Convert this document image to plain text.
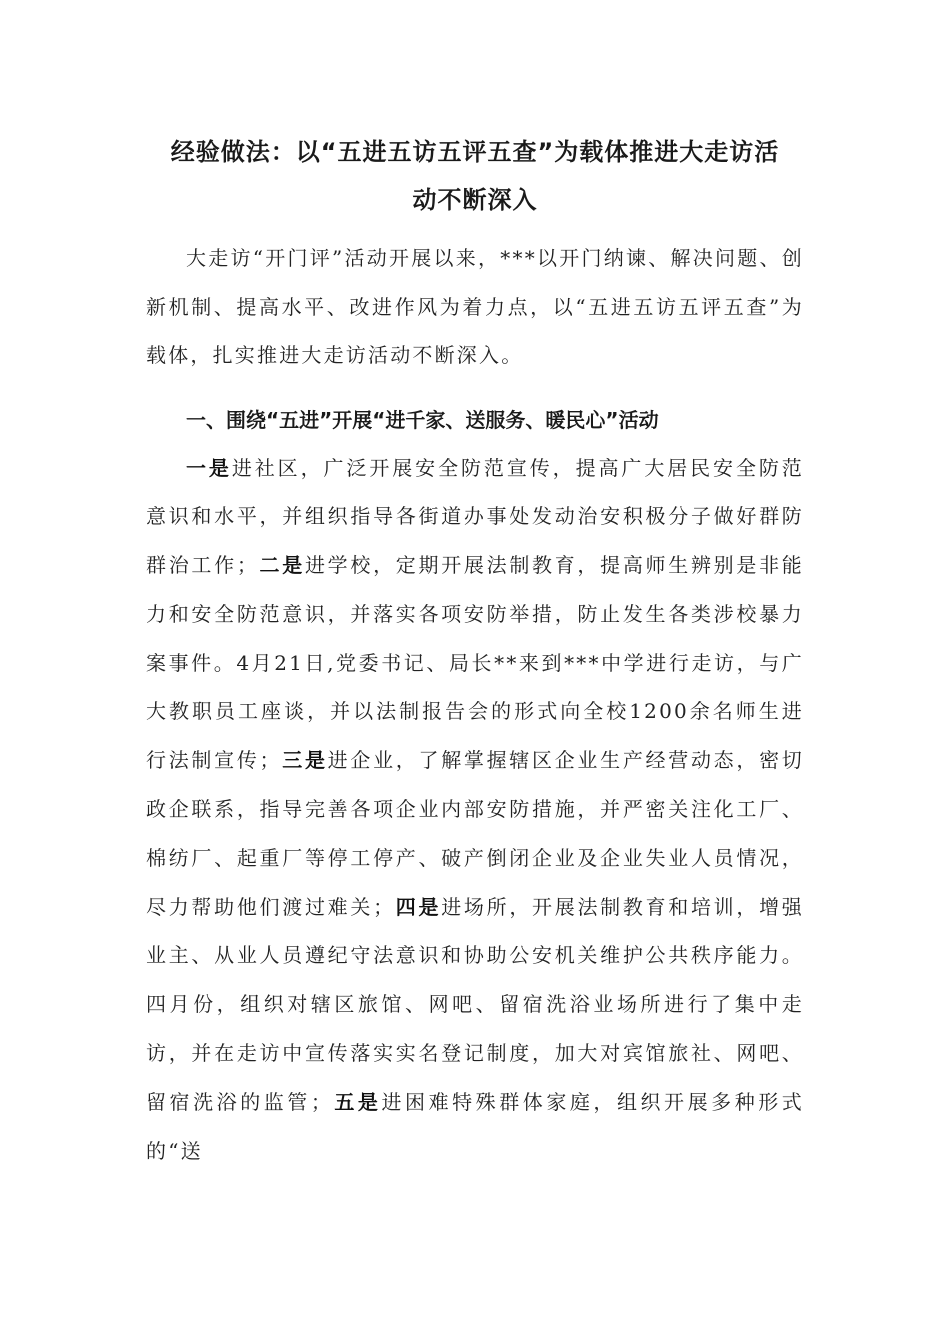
经验做法：以“五进五访五评五查”为载体推进大走访活
动不断深入

大走访“开门评”活动开展以来，***以开门纳谏、解决问题、创新机制、提高水平、改进作风为着力点，以“五进五访五评五查”为载体，扎实推进大走访活动不断深入。

一、围绕“五进”开展“进千家、送服务、暖民心”活动

一是进社区，广泛开展安全防范宣传，提高广大居民安全防范意识和水平，并组织指导各街道办事处发动治安积极分子做好群防群治工作；二是进学校，定期开展法制教育，提高师生辨别是非能力和安全防范意识，并落实各项安防举措，防止发生各类涉校暴力案事件。4月21日,党委书记、局长**来到***中学进行走访，与广大教职员工座谈，并以法制报告会的形式向全校1200余名师生进行法制宣传；三是进企业，了解掌握辖区企业生产经营动态，密切政企联系，指导完善各项企业内部安防措施，并严密关注化工厂、棉纺厂、起重厂等停工停产、破产倒闭企业及企业失业人员情况，尽力帮助他们渡过难关；四是进场所，开展法制教育和培训，增强业主、从业人员遵纪守法意识和协助公安机关维护公共秩序能力。四月份，组织对辖区旅馆、网吧、留宿洗浴业场所进行了集中走访，并在走访中宣传落实实名登记制度，加大对宾馆旅社、网吧、留宿洗浴的监管；五是进困难特殊群体家庭，组织开展多种形式的“送
